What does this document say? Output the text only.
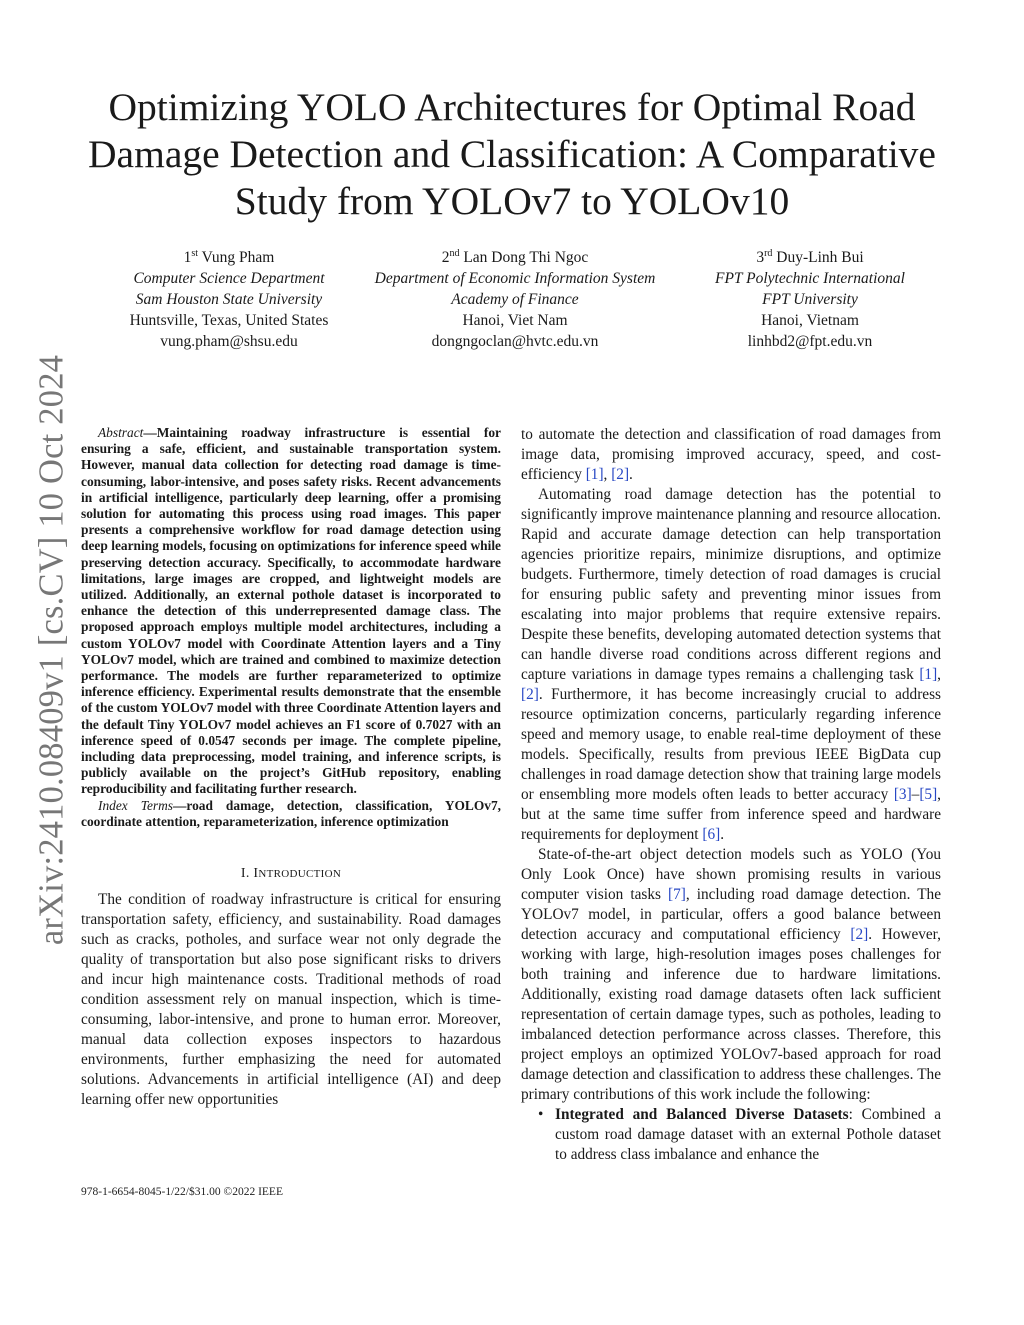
Optimizing YOLO Architectures for Optimal Road Damage Detection and Classification: A Comparative Study from YOLOv7 to YOLOv10
1st Vung Pham
Computer Science Department
Sam Houston State University
Huntsville, Texas, United States
vung.pham@shsu.edu
2nd Lan Dong Thi Ngoc
Department of Economic Information System
Academy of Finance
Hanoi, Viet Nam
dongngoclan@hvtc.edu.vn
3rd Duy-Linh Bui
FPT Polytechnic International
FPT University
Hanoi, Vietnam
linhbd2@fpt.edu.vn
arXiv:2410.08409v1 [cs.CV] 10 Oct 2024	Abstract—Maintaining roadway infrastructure is essential for ensuring a safe, efficient, and sustainable transportation system. However, manual data collection for detecting road damage is time-consuming, labor-intensive, and poses safety risks. Recent advancements in artificial intelligence, particularly deep learning, offer a promising solution for automating this process using road images. This paper presents a comprehensive workflow for road damage detection using deep learning models, focusing on optimizations for inference speed while preserving detection accuracy. Specifically, to accommodate hardware limitations, large images are cropped, and lightweight models are utilized. Additionally, an external pothole dataset is incorporated to enhance the detection of this underrepresented damage class. The proposed approach employs multiple model architectures, including a custom YOLOv7 model with Coordinate Attention layers and a Tiny YOLOv7 model, which are trained and combined to maximize detection performance. The models are further reparameterized to optimize inference efficiency. Experimental results demonstrate that the ensemble of the custom YOLOv7 model with three Coordinate Attention layers and the default Tiny YOLOv7 model achieves an F1 score of 0.7027 with an inference speed of 0.0547 seconds per image. The complete pipeline, including data preprocessing, model training, and inference scripts, is publicly available on the project’s GitHub repository, enabling reproducibility and facilitating further research.

Index Terms—road damage, detection, classification, YOLOv7, coordinate attention, reparameterization, inference optimization

I. INTRODUCTION

The condition of roadway infrastructure is critical for ensuring transportation safety, efficiency, and sustainability. Road damages such as cracks, potholes, and surface wear not only degrade the quality of transportation but also pose significant risks to drivers and incur high maintenance costs. Traditional methods of road condition assessment rely on manual inspection, which is time-consuming, labor-intensive, and prone to human error. Moreover, manual data collection exposes inspectors to hazardous environments, further emphasizing the need for automated solutions. Advancements in artificial intelligence (AI) and deep learning offer new opportunities

to automate the detection and classification of road damages from image data, promising improved accuracy, speed, and cost-efficiency [1], [2].

Automating road damage detection has the potential to significantly improve maintenance planning and resource allocation. Rapid and accurate damage detection can help transportation agencies prioritize repairs, minimize disruptions, and optimize budgets. Furthermore, timely detection of road damages is crucial for ensuring public safety and preventing minor issues from escalating into major problems that require extensive repairs. Despite these benefits, developing automated detection systems that can handle diverse road conditions across different regions and capture variations in damage types remains a challenging task [1], [2]. Furthermore, it has become increasingly crucial to address resource optimization concerns, particularly regarding inference speed and memory usage, to enable real-time deployment of these models. Specifically, results from previous IEEE BigData cup challenges in road damage detection show that training large models or ensembling more models often leads to better accuracy [3]–[5], but at the same time suffer from inference speed and hardware requirements for deployment [6].

State-of-the-art object detection models such as YOLO (You Only Look Once) have shown promising results in various computer vision tasks [7], including road damage detection. The YOLOv7 model, in particular, offers a good balance between detection accuracy and computational efficiency [2]. However, working with large, high-resolution images poses challenges for both training and inference due to hardware limitations. Additionally, existing road damage datasets often lack sufficient representation of certain damage types, such as potholes, leading to imbalanced detection performance across classes. Therefore, this project employs an optimized YOLOv7-based approach for road damage detection and classification to address these challenges. The primary contributions of this work include the following:

• Integrated and Balanced Diverse Datasets: Combined a custom road damage dataset with an external Pothole dataset to address class imbalance and enhance the

978-1-6654-8045-1/22/$31.00 ©2022 IEEE
